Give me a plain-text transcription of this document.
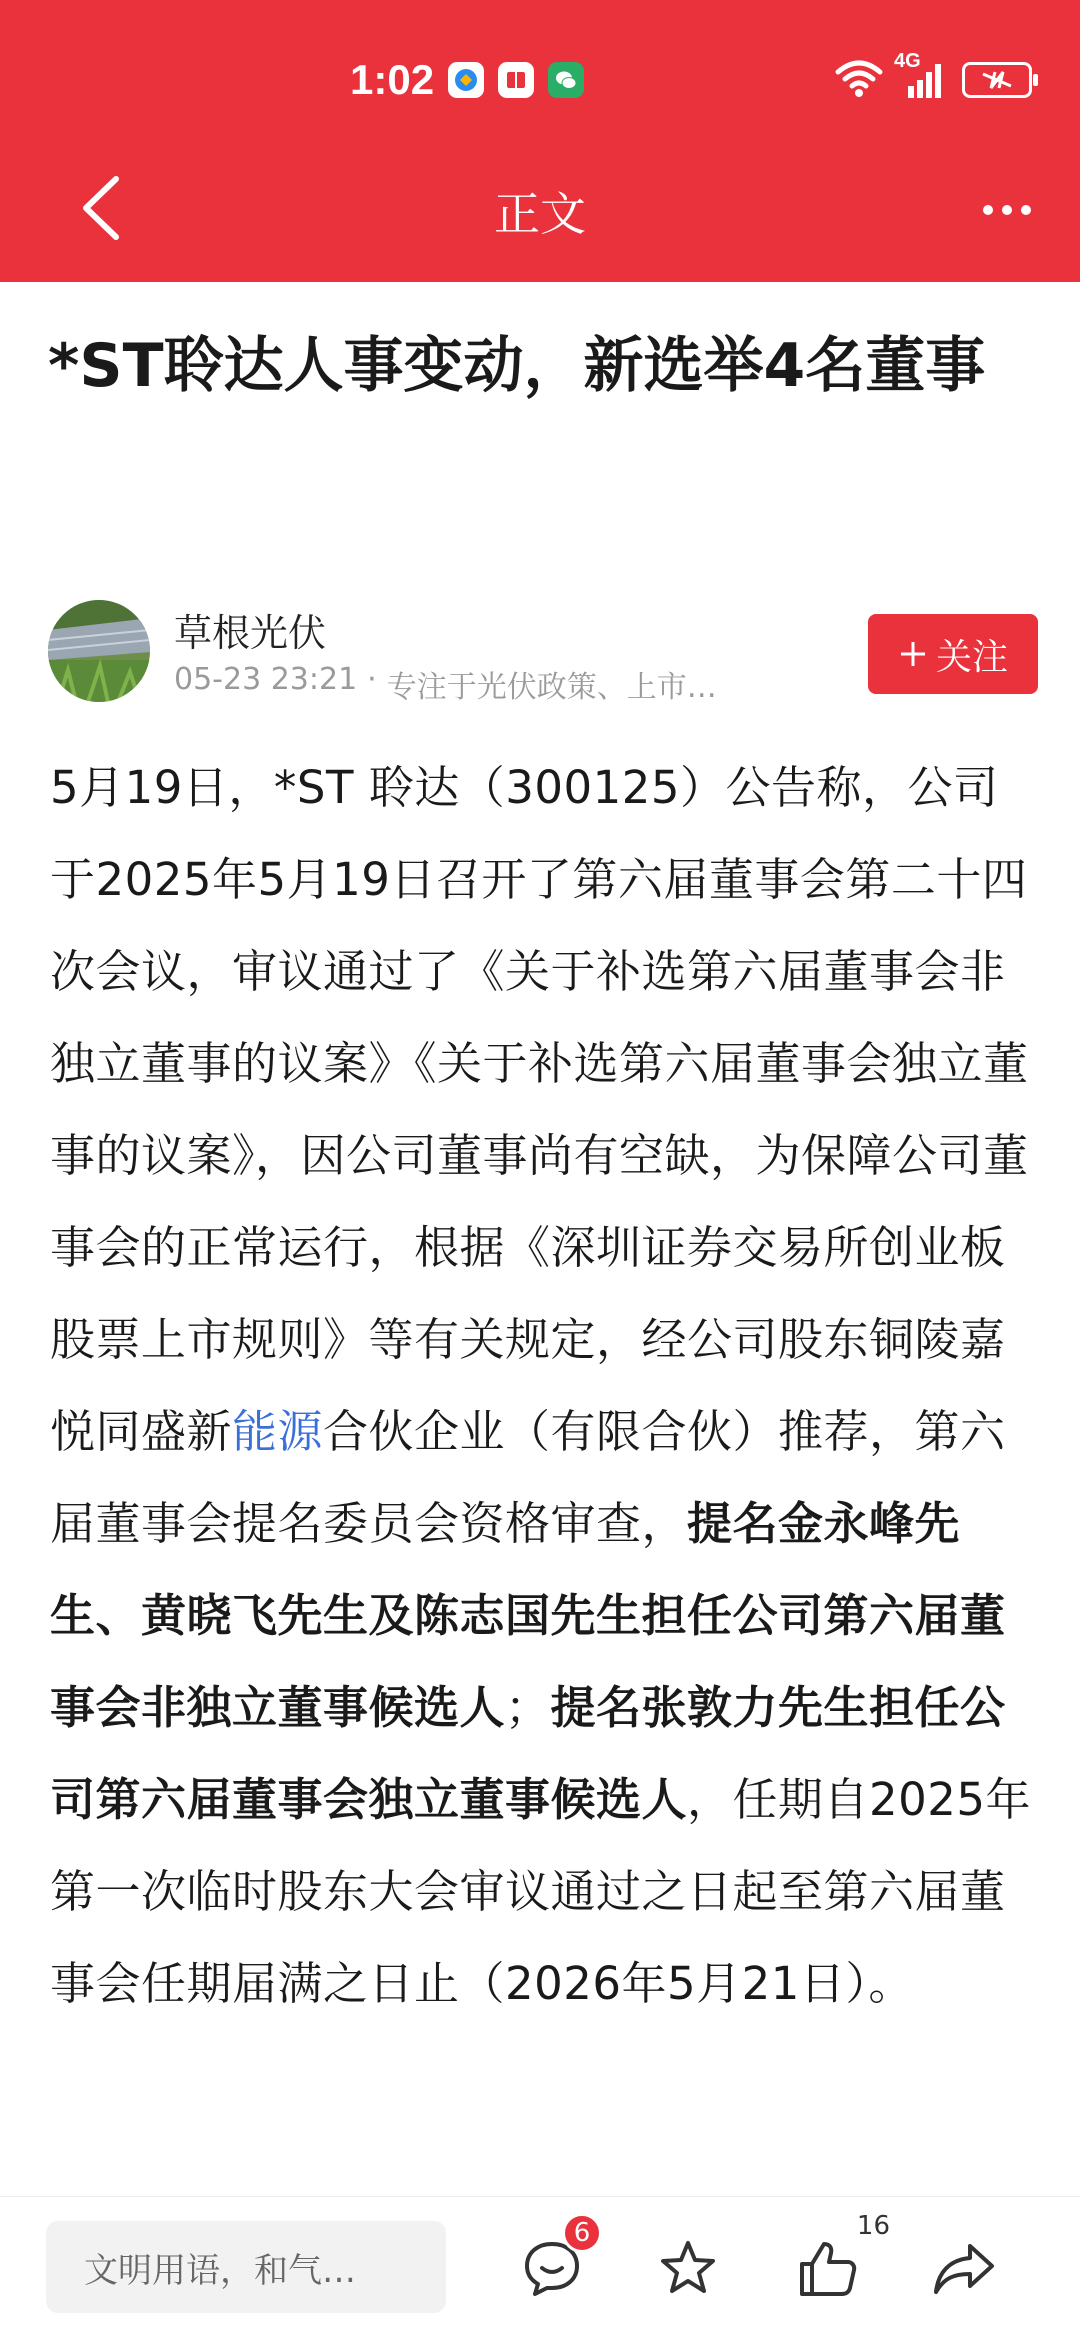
1:02	4G
正文
*ST聆达人事变动，新选举4名董事
草根光伏
05-23 23:21 · 专注于光伏政策、上市…
关注
5月19日，*ST 聆达（300125）公告称，公司于2025年5月19日召开了第六届董事会第二十四次会议，审议通过了《关于补选第六届董事会非独立董事的议案》《关于补选第六届董事会独立董事的议案》，因公司董事尚有空缺，为保障公司董事会的正常运行，根据《深圳证券交易所创业板股票上市规则》等有关规定，经公司股东铜陵嘉悦同盛新能源合伙企业（有限合伙）推荐，第六届董事会提名委员会资格审查，提名金永峰先生、黄晓飞先生及陈志国先生担任公司第六届董事会非独立董事候选人；提名张敦力先生担任公司第六届董事会独立董事候选人，任期自2025年第一次临时股东大会审议通过之日起至第六届董事会任期届满之日止（2026年5月21日）。
文明用语，和气…
6	16
